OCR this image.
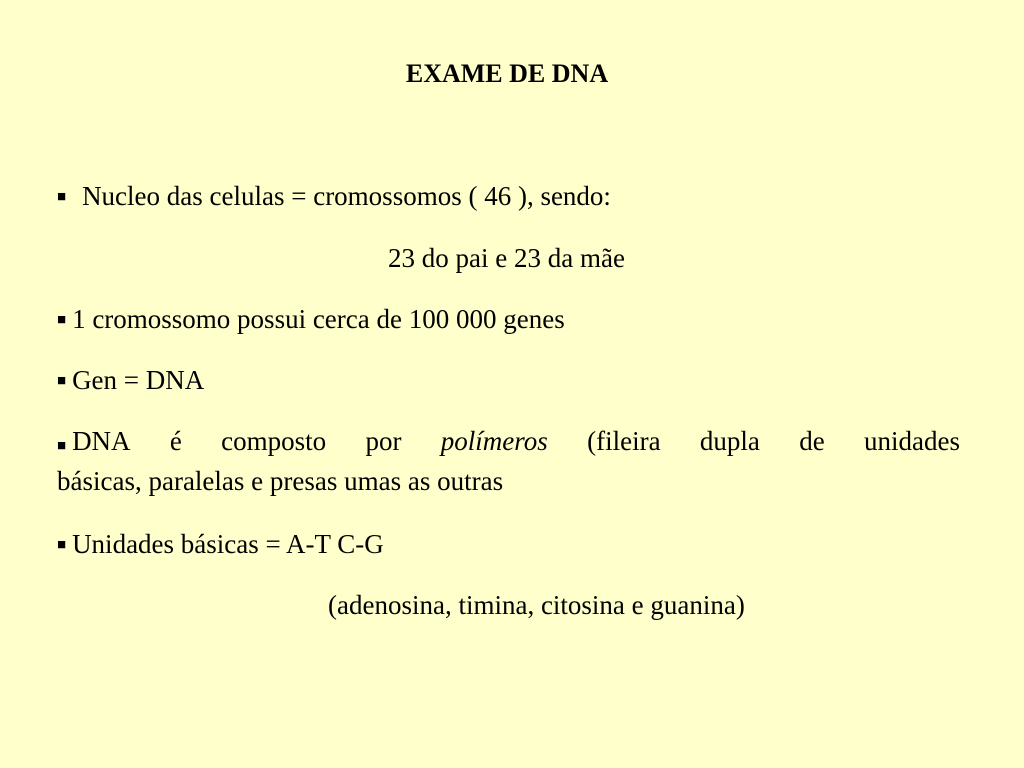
EXAME DE DNA
■ Nucleo das celulas = cromossomos ( 46 ), sendo:
23 do pai e 23 da mãe
■ 1 cromossomo possui cerca de 100 000 genes
■ Gen = DNA
■ DNA é composto por polímeros (fileira dupla de unidades
básicas, paralelas e presas umas as outras
■ Unidades básicas = A-T C-G
(adenosina, timina, citosina e guanina)
